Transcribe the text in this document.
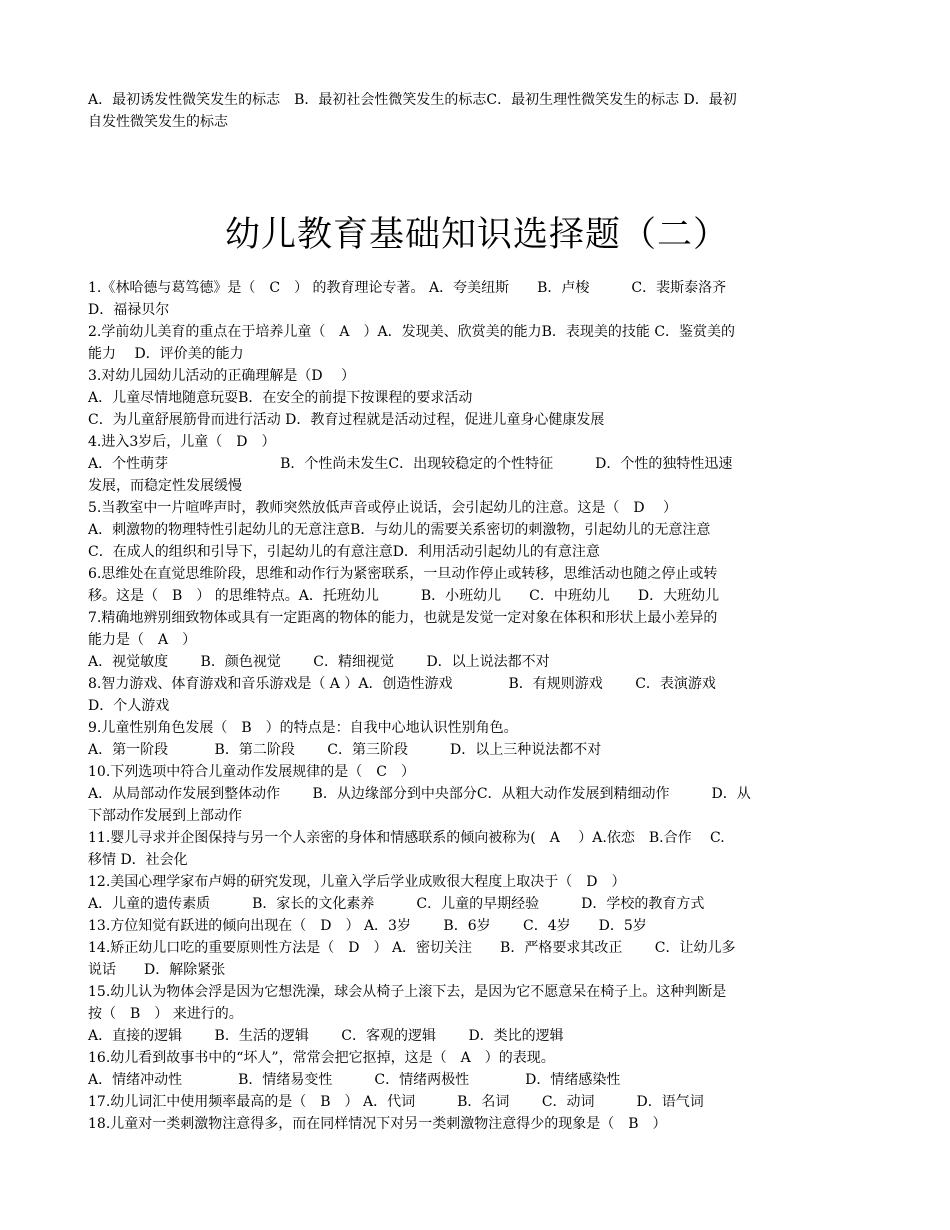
A．最初诱发性微笑发生的标志　B．最初社会性微笑发生的标志C．最初生理性微笑发生的标志 D．最初
自发性微笑发生的标志
幼儿教育基础知识选择题（二）
1.《林哈德与葛笃德》是（　C　） 的教育理论专著。 A．夸美纽斯　　B．卢梭　　　C．裴斯泰洛齐
D．福禄贝尔
2.学前幼儿美育的重点在于培养儿童（　A　）A．发现美、欣赏美的能力B．表现美的技能 C．鉴赏美的
能力　 D．评价美的能力
3.对幼儿园幼儿活动的正确理解是（D　 ）
A．儿童尽情地随意玩耍B．在安全的前提下按课程的要求活动
C．为儿童舒展筋骨而进行活动 D．教育过程就是活动过程，促进儿童身心健康发展
4.进入3岁后，儿童（　D　）
A．个性萌芽　　　　　　　　B．个性尚未发生C．出现较稳定的个性特征　　　D．个性的独特性迅速
发展，而稳定性发展缓慢
5.当教室中一片喧哗声时，教师突然放低声音或停止说话，会引起幼儿的注意。这是（　D　 ）
A．刺激物的物理特性引起幼儿的无意注意B．与幼儿的需要关系密切的刺激物，引起幼儿的无意注意
C．在成人的组织和引导下，引起幼儿的有意注意D．利用活动引起幼儿的有意注意
6.思维处在直觉思维阶段，思维和动作行为紧密联系，一旦动作停止或转移，思维活动也随之停止或转
移。这是（　B　） 的思维特点。A．托班幼儿　　　B．小班幼儿　　C．中班幼儿　　D．大班幼儿
7.精确地辨别细致物体或具有一定距离的物体的能力，也就是发觉一定对象在体积和形状上最小差异的
能力是（　A　）
A．视觉敏度　　 B．颜色视觉　　 C．精细视觉　　 D．以上说法都不对
8.智力游戏、体育游戏和音乐游戏是（ A ）A．创造性游戏　　　　B．有规则游戏　　 C．表演游戏
D．个人游戏
9.儿童性别角色发展（　B　）的特点是：自我中心地认识性别角色。
A．第一阶段　　　 B．第二阶段　　 C．第三阶段　　　D．以上三种说法都不对
10.下列选项中符合儿童动作发展规律的是（　C　）
A．从局部动作发展到整体动作　　 B．从边缘部分到中央部分C．从粗大动作发展到精细动作　　　D．从
下部动作发展到上部动作
11.婴儿寻求并企图保持与另一个人亲密的身体和情感联系的倾向被称为(　A　 ）A.依恋　B.合作　 C.
移情 D．社会化
12.美国心理学家布卢姆的研究发现，儿童入学后学业成败很大程度上取决于（　D　）
A．儿童的遗传素质　　　B．家长的文化素养　　　C．儿童的早期经验　　　D．学校的教育方式
13.方位知觉有跃进的倾向出现在（　D　） A．3岁　　 B．6岁　　 C．4岁　　D．5岁
14.矫正幼儿口吃的重要原则性方法是（　D　） A．密切关注　　B．严格要求其改正　　 C．让幼儿多
说话　　D．解除紧张
15.幼儿认为物体会浮是因为它想洗澡，球会从椅子上滚下去，是因为它不愿意呆在椅子上。这种判断是
按（　B　） 来进行的。
A．直接的逻辑　　 B．生活的逻辑　　 C．客观的逻辑　　 D．类比的逻辑
16.幼儿看到故事书中的“坏人”，常常会把它抠掉，这是（　A　）的表现。
A．情绪冲动性　　　　B．情绪易变性　　　C．情绪两极性　　　　D．情绪感染性
17.幼儿词汇中使用频率最高的是（　B　） A．代词　　　B．名词　　 C．动词　　　D．语气词
18.儿童对一类刺激物注意得多，而在同样情况下对另一类刺激物注意得少的现象是（　B　）
